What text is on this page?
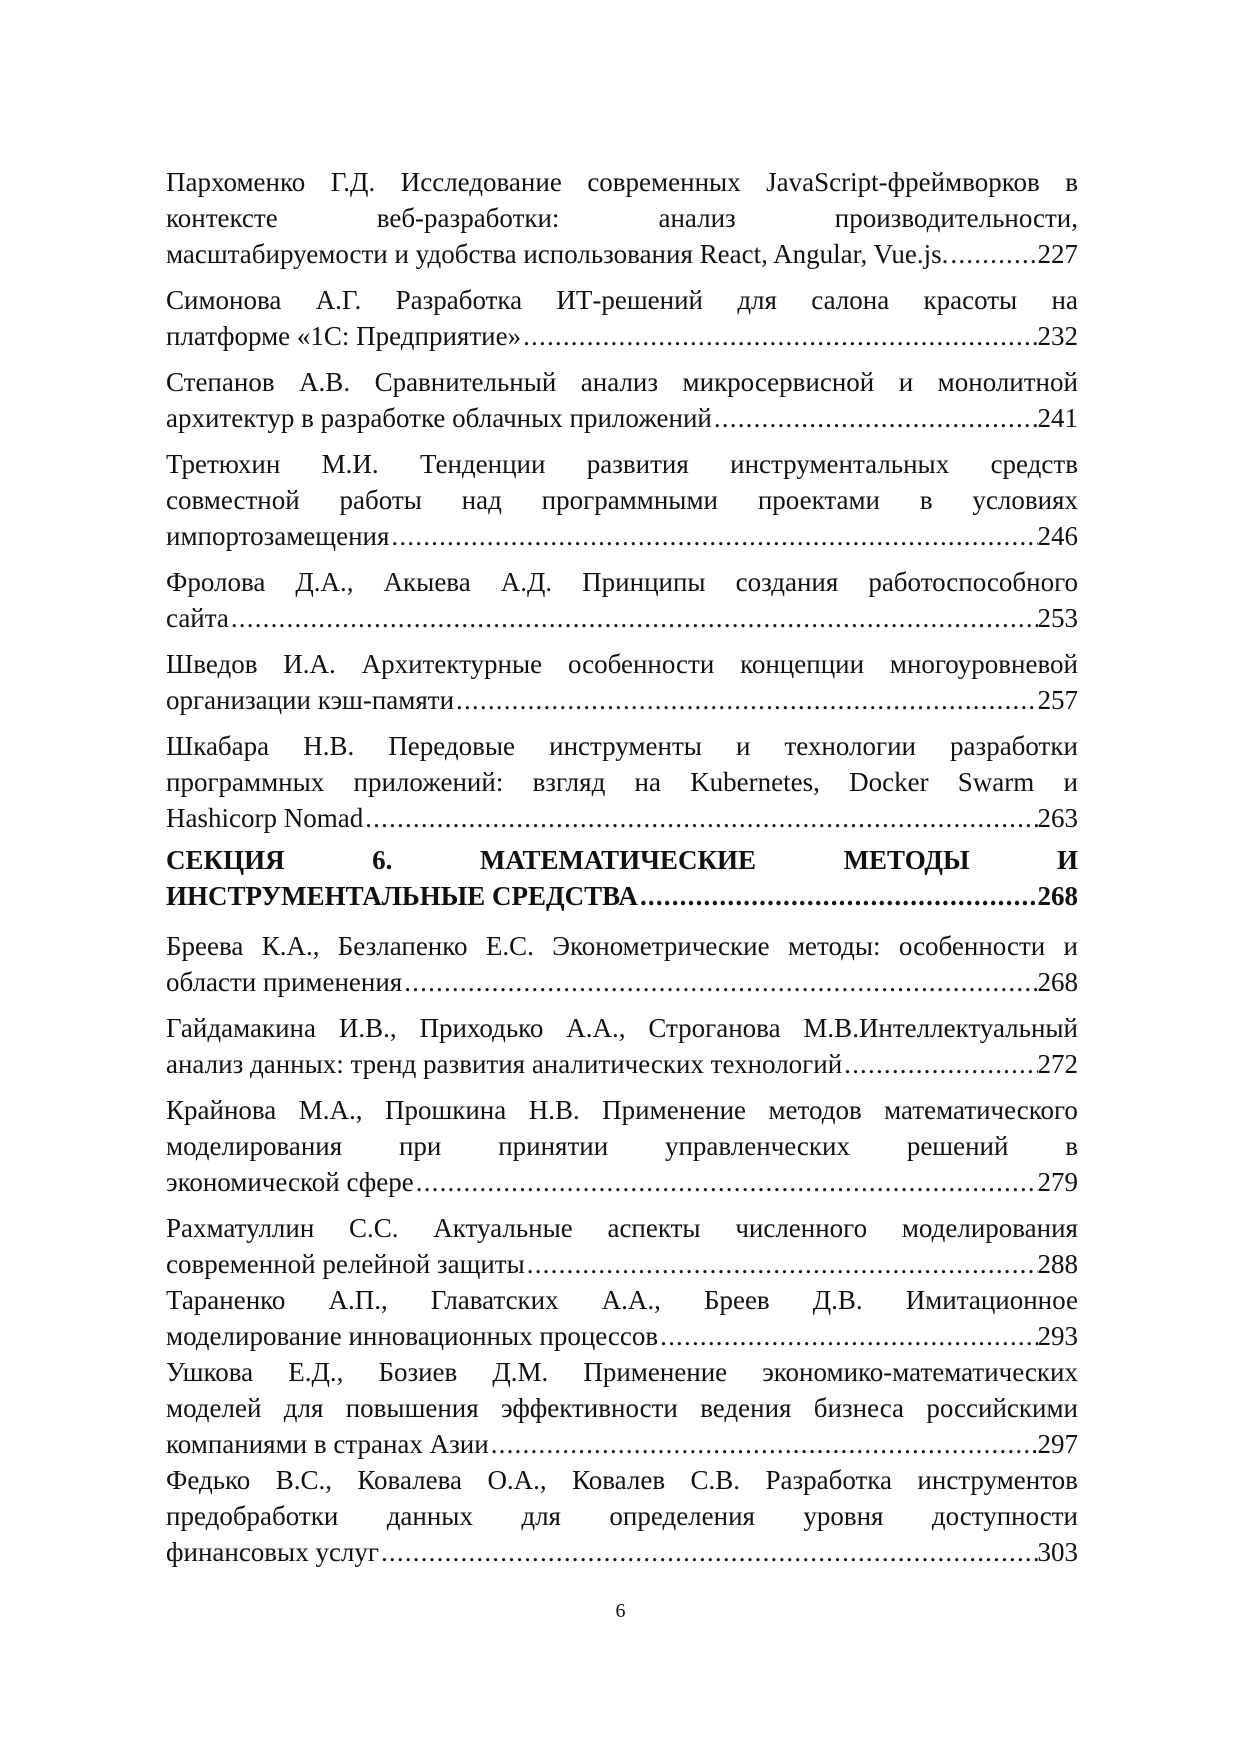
Пархоменко Г.Д. Исследование современных JavaScript-фреймворков в
контексте	веб-разработки:	анализ	производительности,
масштабируемости и удобства использования React, Angular, Vue.js. .....	227
Симонова А.Г. Разработка ИТ-решений для салона красоты на
платформе «1С: Предприятие» .....	232
Степанов А.В. Сравнительный анализ микросервисной и монолитной
архитектур в разработке облачных приложений .....	241
Третюхин М.И. Тенденции развития инструментальных средств
совместной работы над программными проектами в условиях
импортозамещения .....	246
Фролова Д.А., Акыева А.Д. Принципы создания работоспособного
сайта .....	253
Шведов И.А. Архитектурные особенности концепции многоуровневой
организации кэш-памяти .....	257
Шкабара Н.В. Передовые инструменты и технологии разработки
программных приложений: взгляд на Kubernetes, Docker Swarm и
Hashicorp Nomad .....	263
СЕКЦИЯ	6.	МАТЕМАТИЧЕСКИЕ	МЕТОДЫ	И
ИНСТРУМЕНТАЛЬНЫЕ СРЕДСТВА .....	268
Бреева К.А., Безлапенко Е.С. Эконометрические методы: особенности и
области применения .....	268
Гайдамакина И.В., Приходько А.А., Строганова М.В.Интеллектуальный
анализ данных: тренд развития аналитических технологий .....	272
Крайнова М.А., Прошкина Н.В. Применение методов математического
моделирования при принятии управленческих решений в
экономической сфере .....	279
Рахматуллин С.С. Актуальные аспекты численного моделирования
современной релейной защиты .....	288
Тараненко А.П., Главатских А.А., Бреев Д.В. Имитационное
моделирование инновационных процессов .....	293
Ушкова Е.Д., Бозиев Д.М. Применение экономико-математических
моделей для повышения эффективности ведения бизнеса российскими
компаниями в странах Азии .....	297
Федько В.С., Ковалева О.А., Ковалев С.В. Разработка инструментов
предобработки данных для определения уровня доступности
финансовых услуг .....	303
6
